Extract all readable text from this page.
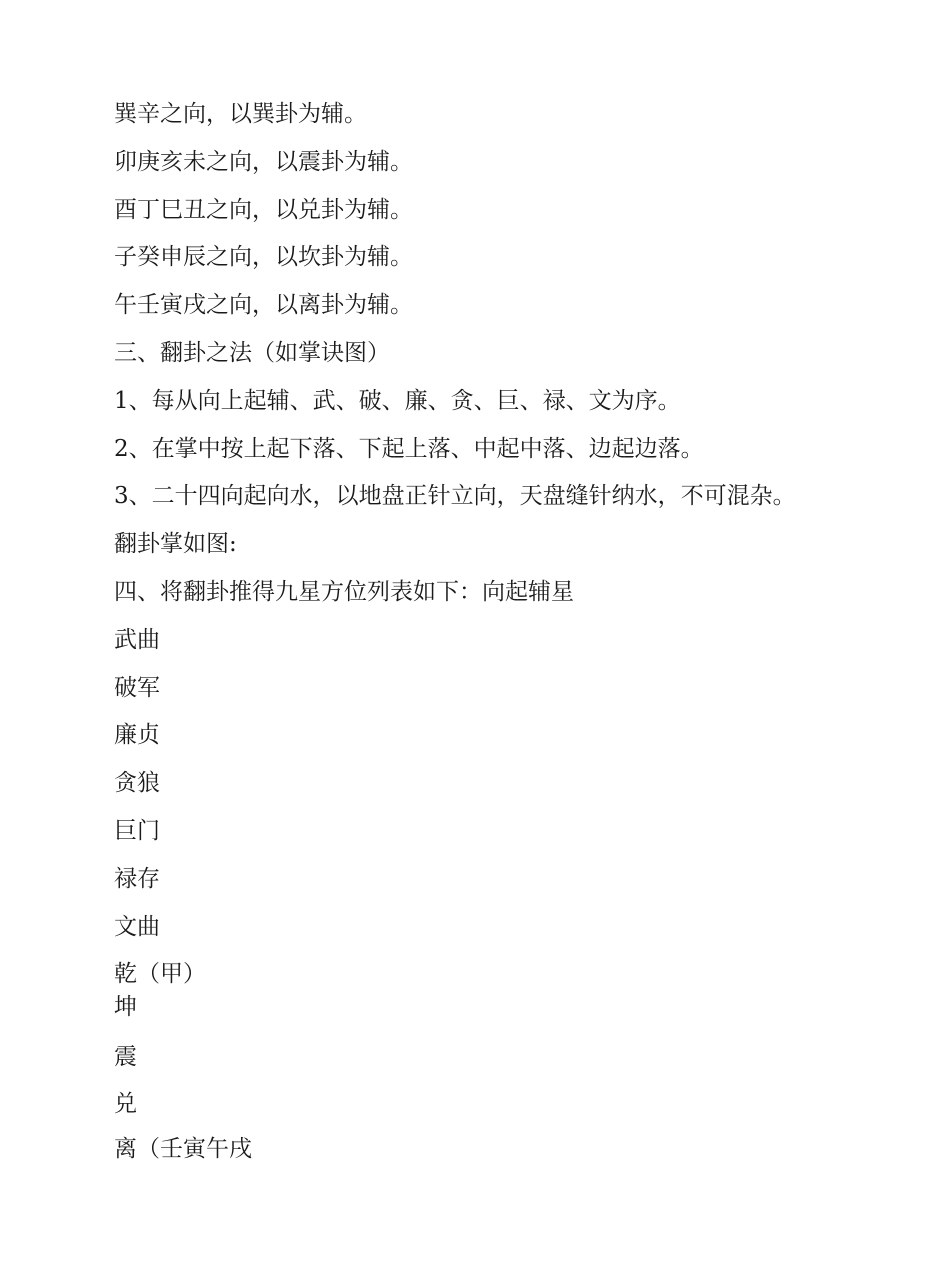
巽辛之向，以巽卦为辅。

卯庚亥未之向，以震卦为辅。

酉丁巳丑之向，以兑卦为辅。

子癸申辰之向，以坎卦为辅。

午壬寅戌之向，以离卦为辅。

三、翻卦之法（如掌诀图）

1、每从向上起辅、武、破、廉、贪、巨、禄、文为序。

2、在掌中按上起下落、下起上落、中起中落、边起边落。

3、二十四向起向水，以地盘正针立向，天盘缝针纳水，不可混杂。

翻卦掌如图:

四、将翻卦推得九星方位列表如下：向起辅星

武曲

破军

廉贞

贪狼

巨门

禄存

文曲

乾（甲）

坤

震

兑

离（壬寅午戌
